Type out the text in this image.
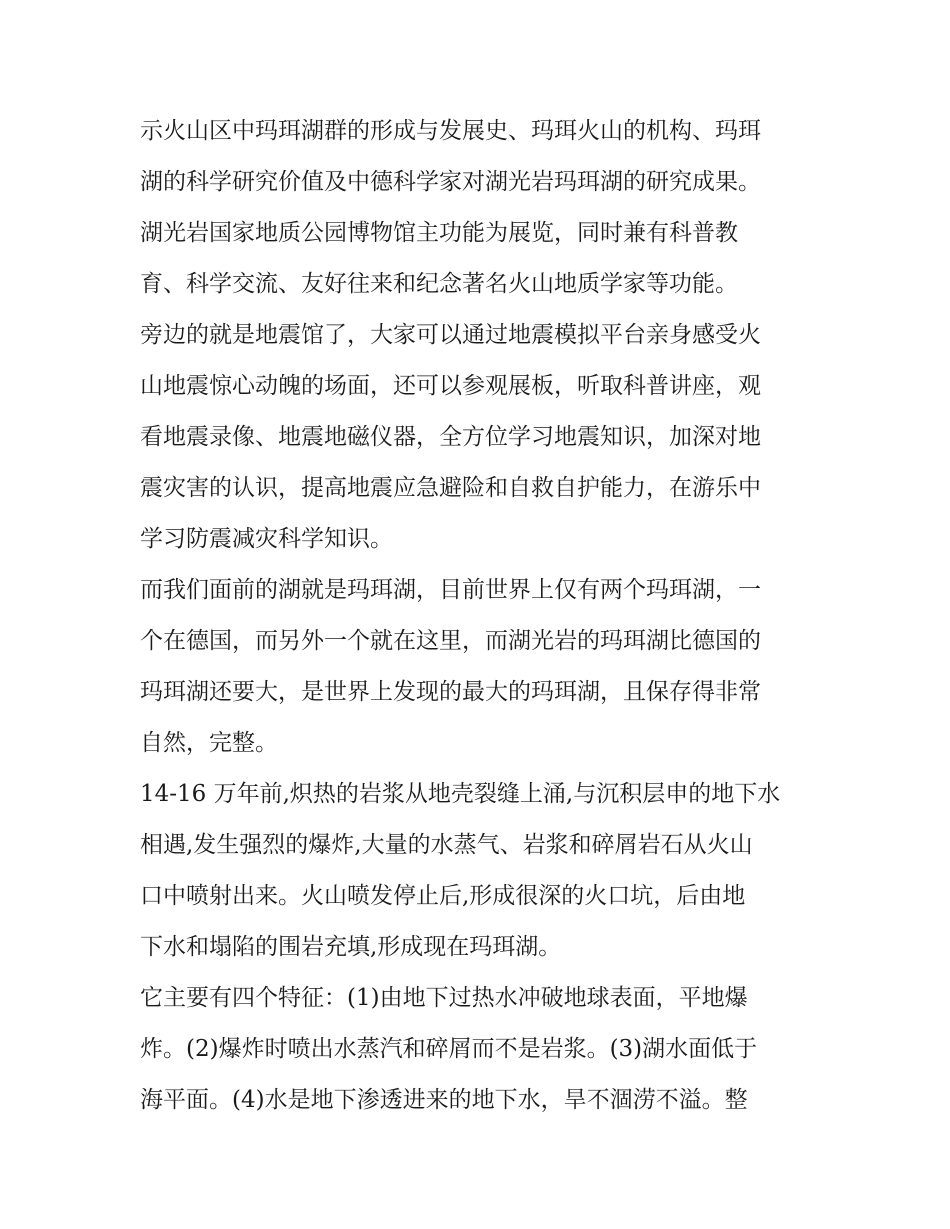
示火山区中玛珥湖群的形成与发展史、玛珥火山的机构、玛珥
湖的科学研究价值及中德科学家对湖光岩玛珥湖的研究成果。
湖光岩国家地质公园博物馆主功能为展览，同时兼有科普教
育、科学交流、友好往来和纪念著名火山地质学家等功能。
旁边的就是地震馆了，大家可以通过地震模拟平台亲身感受火
山地震惊心动魄的场面，还可以参观展板，听取科普讲座，观
看地震录像、地震地磁仪器，全方位学习地震知识，加深对地
震灾害的认识，提高地震应急避险和自救自护能力，在游乐中
学习防震减灾科学知识。
而我们面前的湖就是玛珥湖，目前世界上仅有两个玛珥湖，一
个在德国，而另外一个就在这里，而湖光岩的玛珥湖比德国的
玛珥湖还要大，是世界上发现的最大的玛珥湖，且保存得非常
自然，完整。
14-16 万年前,炽热的岩浆从地壳裂缝上涌,与沉积层申的地下水
相遇,发生强烈的爆炸,大量的水蒸气、岩浆和碎屑岩石从火山
口中喷射出来。火山喷发停止后,形成很深的火口坑，后由地
下水和塌陷的围岩充填,形成现在玛珥湖。
它主要有四个特征：(1)由地下过热水冲破地球表面，平地爆
炸。(2)爆炸时喷出水蒸汽和碎屑而不是岩浆。(3)湖水面低于
海平面。(4)水是地下渗透进来的地下水，旱不涸涝不溢。整
